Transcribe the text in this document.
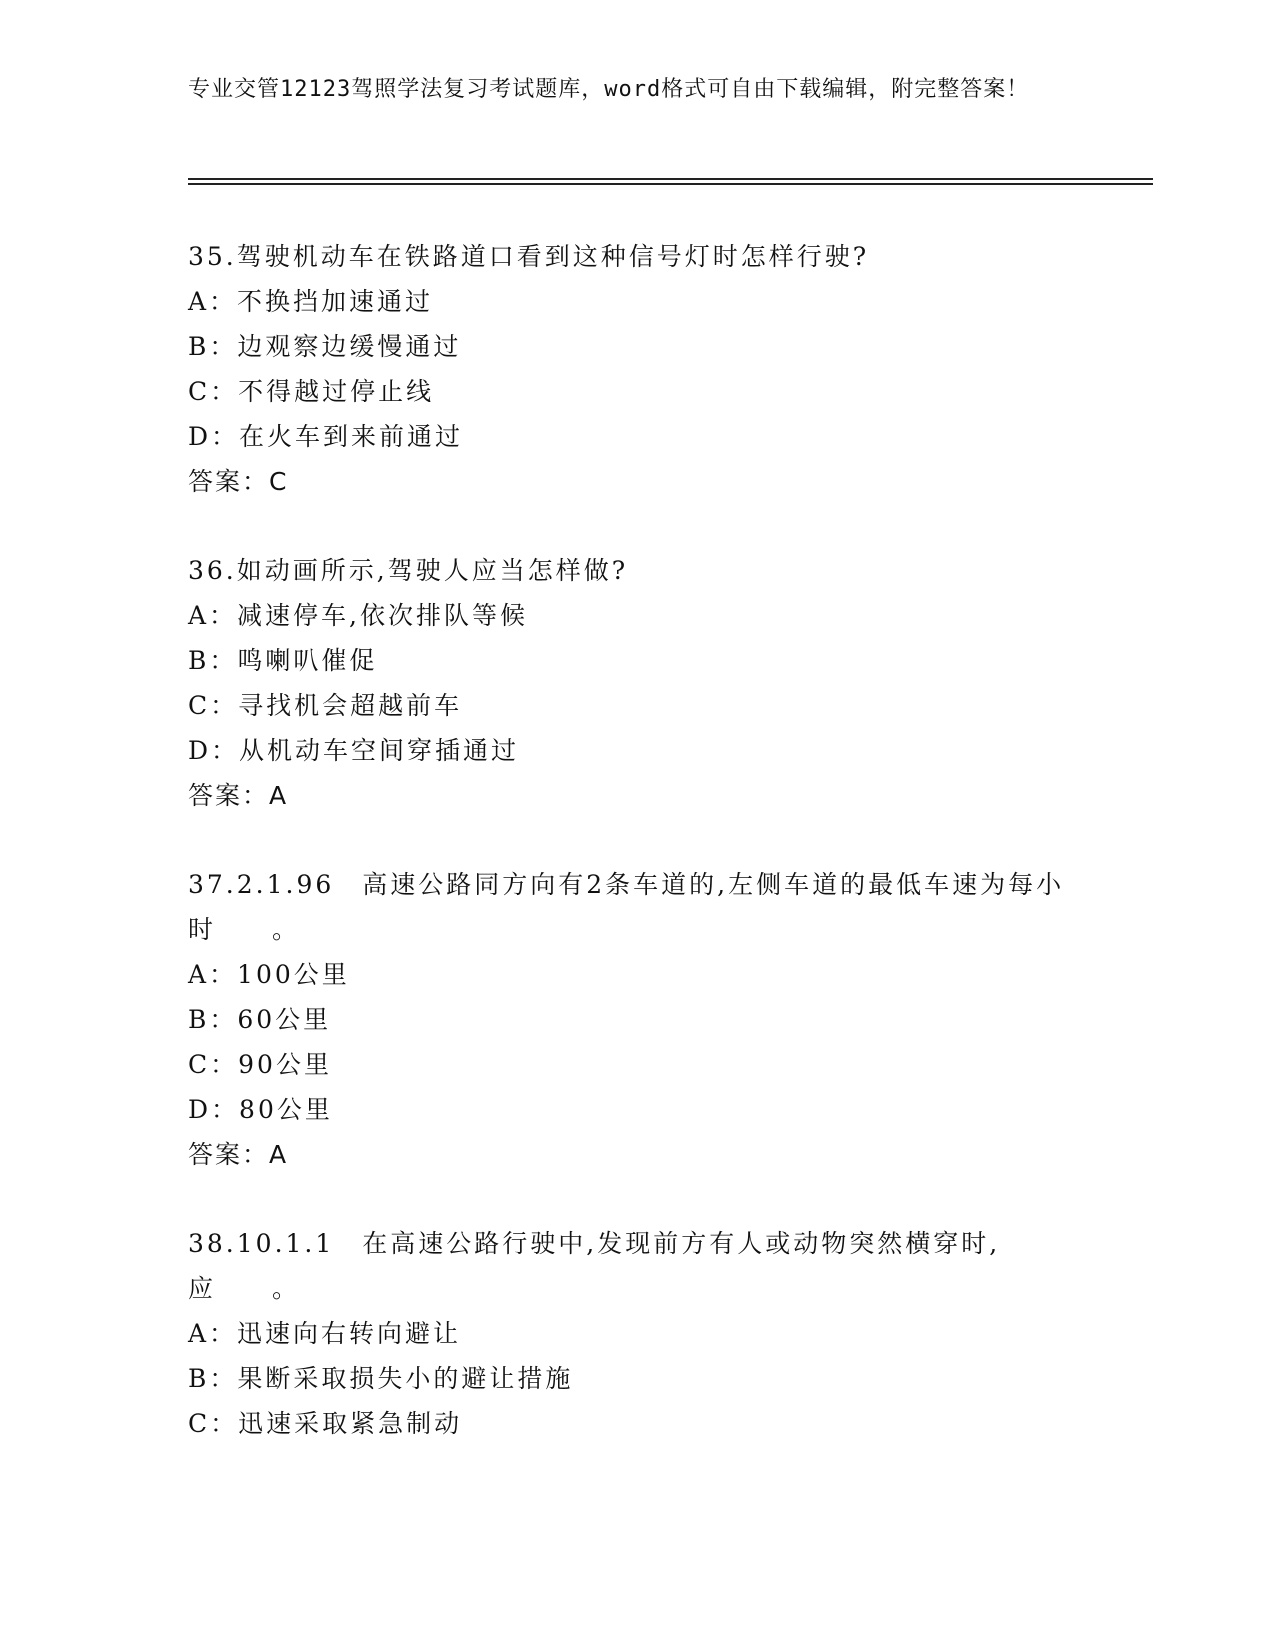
专业交管12123驾照学法复习考试题库，word格式可自由下载编辑，附完整答案！
35.驾驶机动车在铁路道口看到这种信号灯时怎样行驶?
A：不换挡加速通过
B：边观察边缓慢通过
C：不得越过停止线
D：在火车到来前通过
答案：C
36.如动画所示,驾驶人应当怎样做?
A：减速停车,依次排队等候
B：鸣喇叭催促
C：寻找机会超越前车
D：从机动车空间穿插通过
答案：A
37.2.1.96　高速公路同方向有2条车道的,左侧车道的最低车速为每小时　　。
A：100公里
B：60公里
C：90公里
D：80公里
答案：A
38.10.1.1　在高速公路行驶中,发现前方有人或动物突然横穿时,应　　。
A：迅速向右转向避让
B：果断采取损失小的避让措施
C：迅速采取紧急制动
